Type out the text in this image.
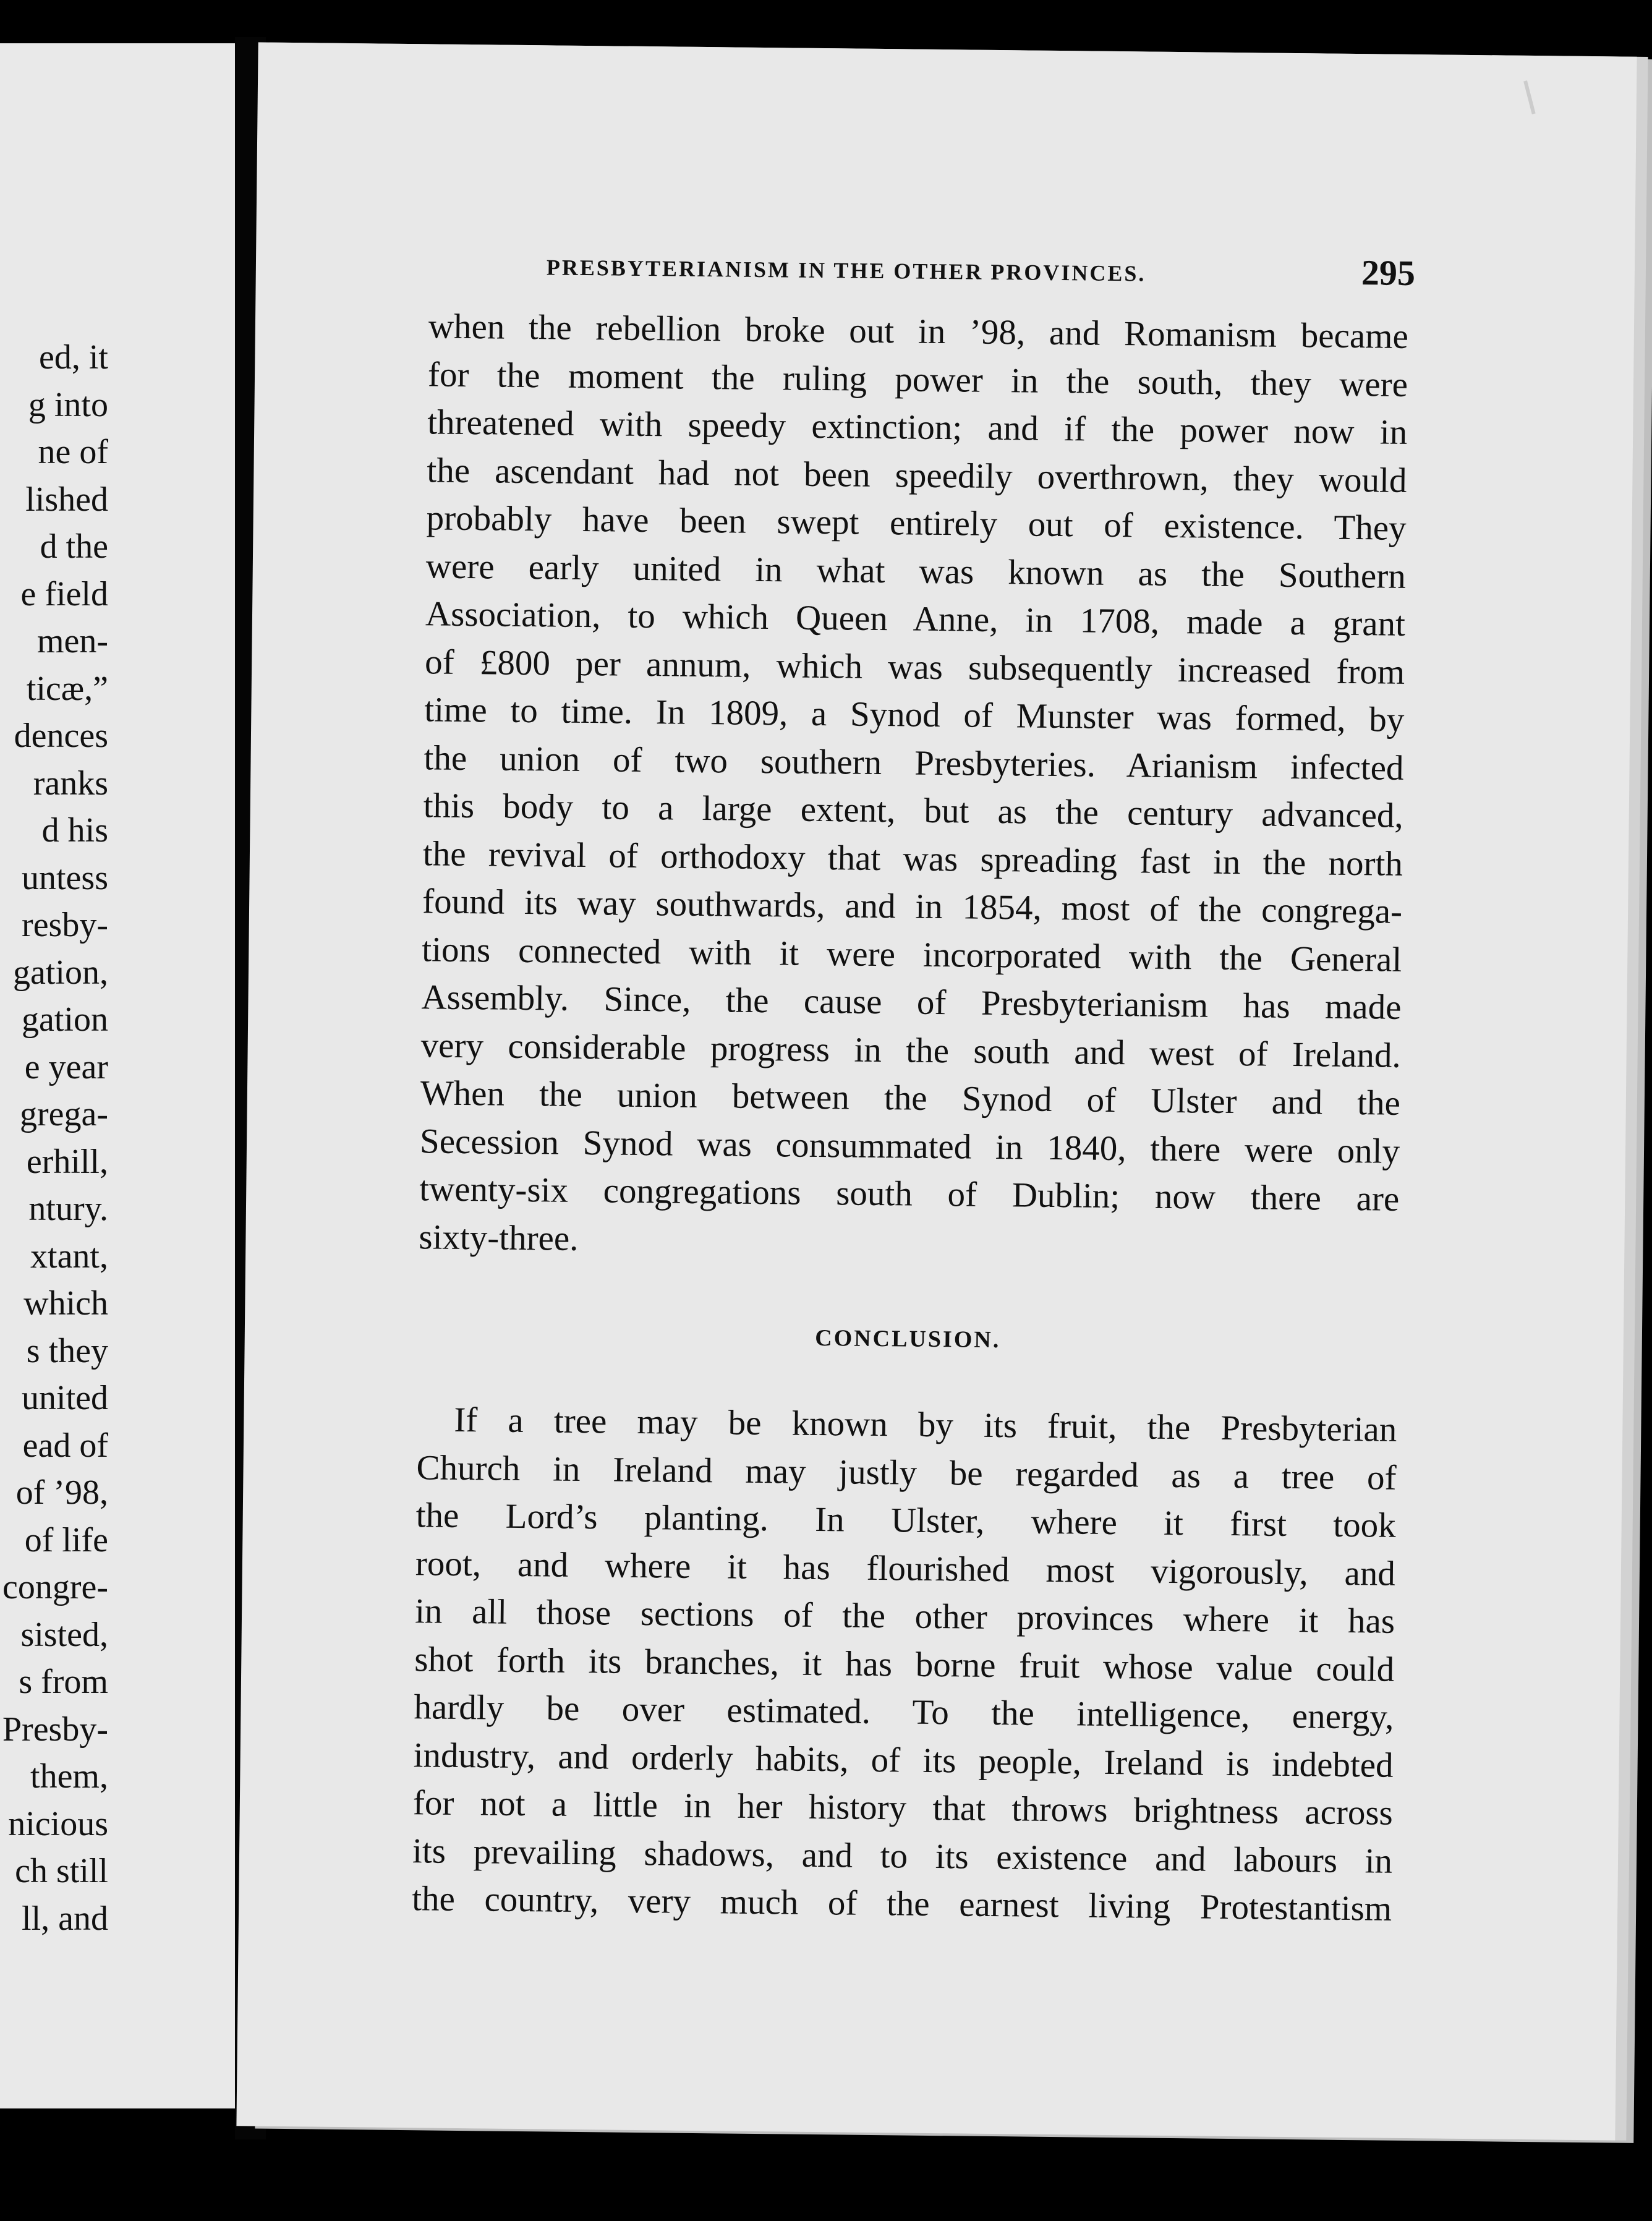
ed, it
g into
ne of
lished
d the
e field
men-
ticæ,”
dences
ranks
d his
untess
resby-
gation,
gation
e year
grega-
erhill,
ntury.
xtant,
which
s they
united
ead of
of ’98,
of life
congre-
sisted,
s from
Presby-
them,
nicious
ch still
ll, and
PRESBYTERIANISM IN THE OTHER PROVINCES.	295
when the rebellion broke out in ’98, and Romanism became
for the moment the ruling power in the south, they were
threatened with speedy extinction; and if the power now in
the ascendant had not been speedily overthrown, they would
probably have been swept entirely out of existence. They
were early united in what was known as the Southern
Association, to which Queen Anne, in 1708, made a grant
of £800 per annum, which was subsequently increased from
time to time. In 1809, a Synod of Munster was formed, by
the union of two southern Presbyteries. Arianism infected
this body to a large extent, but as the century advanced,
the revival of orthodoxy that was spreading fast in the north
found its way southwards, and in 1854, most of the congrega-
tions connected with it were incorporated with the General
Assembly. Since, the cause of Presbyterianism has made
very considerable progress in the south and west of Ireland.
When the union between the Synod of Ulster and the
Secession Synod was consummated in 1840, there were only
twenty-six congregations south of Dublin; now there are
sixty-three.
CONCLUSION.
If a tree may be known by its fruit, the Presbyterian
Church in Ireland may justly be regarded as a tree of
the Lord’s planting. In Ulster, where it first took
root, and where it has flourished most vigorously, and
in all those sections of the other provinces where it has
shot forth its branches, it has borne fruit whose value could
hardly be over estimated. To the intelligence, energy,
industry, and orderly habits, of its people, Ireland is indebted
for not a little in her history that throws brightness across
its prevailing shadows, and to its existence and labours in
the country, very much of the earnest living Protestantism
